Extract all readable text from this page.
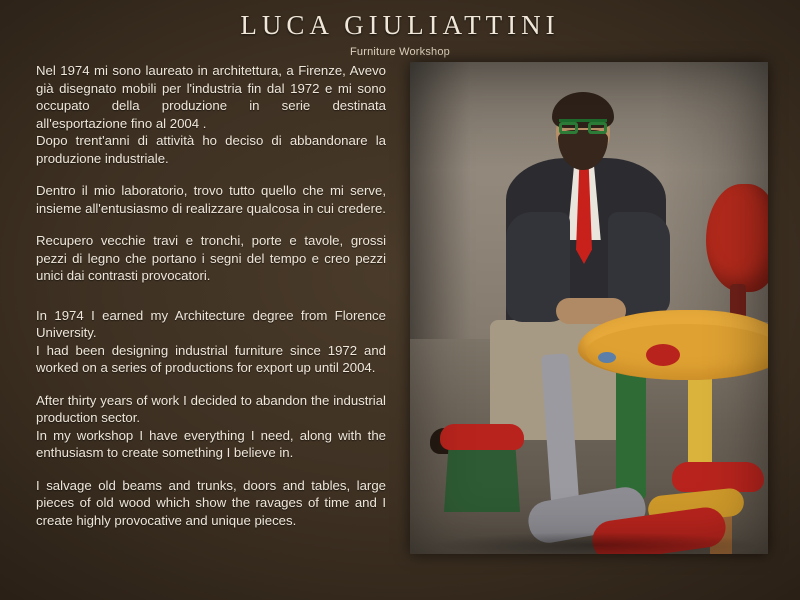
LUCA GIULIATTINI
Furniture Workshop

Nel 1974 mi sono laureato in architettura, a Firenze, Avevo già disegnato mobili per l'industria fin dal 1972 e mi sono occupato della produzione in serie destinata all'esportazione fino al 2004 .

Dopo trent'anni di attività ho deciso di abbandonare la produzione industriale.

Dentro il mio laboratorio, trovo tutto quello che mi serve, insieme all'entusiasmo di realizzare qualcosa in cui credere.

Recupero vecchie travi e tronchi, porte e tavole, grossi pezzi di legno che portano i segni del tempo e creo pezzi unici dai contrasti provocatori.

In 1974 I earned my Architecture degree from Florence University.

I had been designing industrial furniture since 1972 and worked on a series of productions for export up until 2004.

After thirty years of work I decided to abandon the industrial production sector.

In my workshop I have everything I need, along with the enthusiasm to create something I believe in.

I salvage old beams and trunks, doors and tables, large pieces of old wood which show the ravages of time and I create highly provocative and unique pieces.
